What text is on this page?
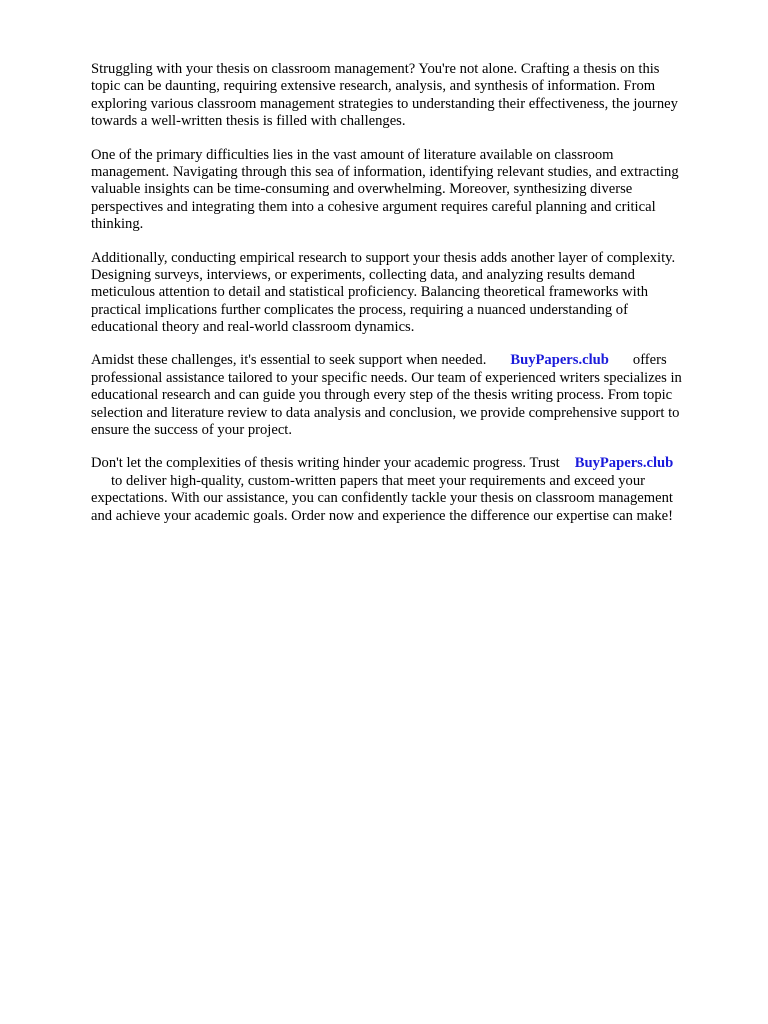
Struggling with your thesis on classroom management? You're not alone. Crafting a thesis on this
topic can be daunting, requiring extensive research, analysis, and synthesis of information. From
exploring various classroom management strategies to understanding their effectiveness, the journey
towards a well-written thesis is filled with challenges.

One of the primary difficulties lies in the vast amount of literature available on classroom
management. Navigating through this sea of information, identifying relevant studies, and extracting
valuable insights can be time-consuming and overwhelming. Moreover, synthesizing diverse
perspectives and integrating them into a cohesive argument requires careful planning and critical
thinking.

Additionally, conducting empirical research to support your thesis adds another layer of complexity.
Designing surveys, interviews, or experiments, collecting data, and analyzing results demand
meticulous attention to detail and statistical proficiency. Balancing theoretical frameworks with
practical implications further complicates the process, requiring a nuanced understanding of
educational theory and real-world classroom dynamics.

Amidst these challenges, it's essential to seek support when needed. BuyPapers.club offers
professional assistance tailored to your specific needs. Our team of experienced writers specializes in
educational research and can guide you through every step of the thesis writing process. From topic
selection and literature review to data analysis and conclusion, we provide comprehensive support to
ensure the success of your project.

Don't let the complexities of thesis writing hinder your academic progress. Trust BuyPapers.club
to deliver high-quality, custom-written papers that meet your requirements and exceed your
expectations. With our assistance, you can confidently tackle your thesis on classroom management
and achieve your academic goals. Order now and experience the difference our expertise can make!
